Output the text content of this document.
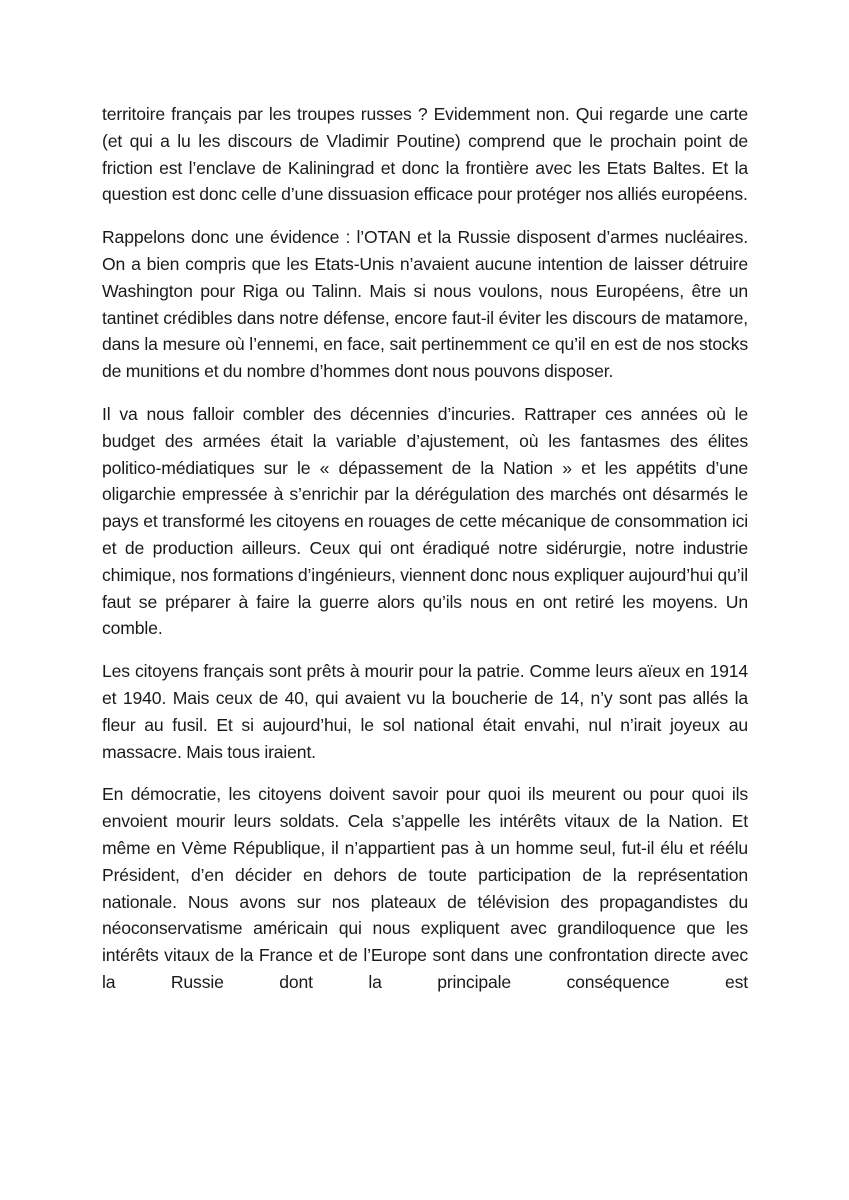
territoire français par les troupes russes ? Evidemment non. Qui regarde une carte (et qui a lu les discours de Vladimir Poutine) comprend que le prochain point de friction est l’enclave de Kaliningrad et donc la frontière avec les Etats Baltes. Et la question est donc celle d’une dissuasion efficace pour protéger nos alliés européens.

Rappelons donc une évidence : l’OTAN et la Russie disposent d’armes nucléaires. On a bien compris que les Etats-Unis n’avaient aucune intention de laisser détruire Washington pour Riga ou Talinn. Mais si nous voulons, nous Européens, être un tantinet crédibles dans notre défense, encore faut-il éviter les discours de matamore, dans la mesure où l’ennemi, en face, sait pertinemment ce qu’il en est de nos stocks de munitions et du nombre d’hommes dont nous pouvons disposer.

Il va nous falloir combler des décennies d’incuries. Rattraper ces années où le budget des armées était la variable d’ajustement, où les fantasmes des élites politico-médiatiques sur le « dépassement de la Nation » et les appétits d’une oligarchie empressée à s’enrichir par la dérégulation des marchés ont désarmés le pays et transformé les citoyens en rouages de cette mécanique de consommation ici et de production ailleurs. Ceux qui ont éradiqué notre sidérurgie, notre industrie chimique, nos formations d’ingénieurs, viennent donc nous expliquer aujourd’hui qu’il faut se préparer à faire la guerre alors qu’ils nous en ont retiré les moyens. Un comble.

Les citoyens français sont prêts à mourir pour la patrie. Comme leurs aïeux en 1914 et 1940. Mais ceux de 40, qui avaient vu la boucherie de 14, n’y sont pas allés la fleur au fusil. Et si aujourd’hui, le sol national était envahi, nul n’irait joyeux au massacre. Mais tous iraient.

En démocratie, les citoyens doivent savoir pour quoi ils meurent ou pour quoi ils envoient mourir leurs soldats. Cela s’appelle les intérêts vitaux de la Nation. Et même en Vème République, il n’appartient pas à un homme seul, fut-il élu et réélu Président, d’en décider en dehors de toute participation de la représentation nationale. Nous avons sur nos plateaux de télévision des propagandistes du néoconservatisme américain qui nous expliquent avec grandiloquence que les intérêts vitaux de la France et de l’Europe sont dans une confrontation directe avec la Russie dont la principale conséquence est
